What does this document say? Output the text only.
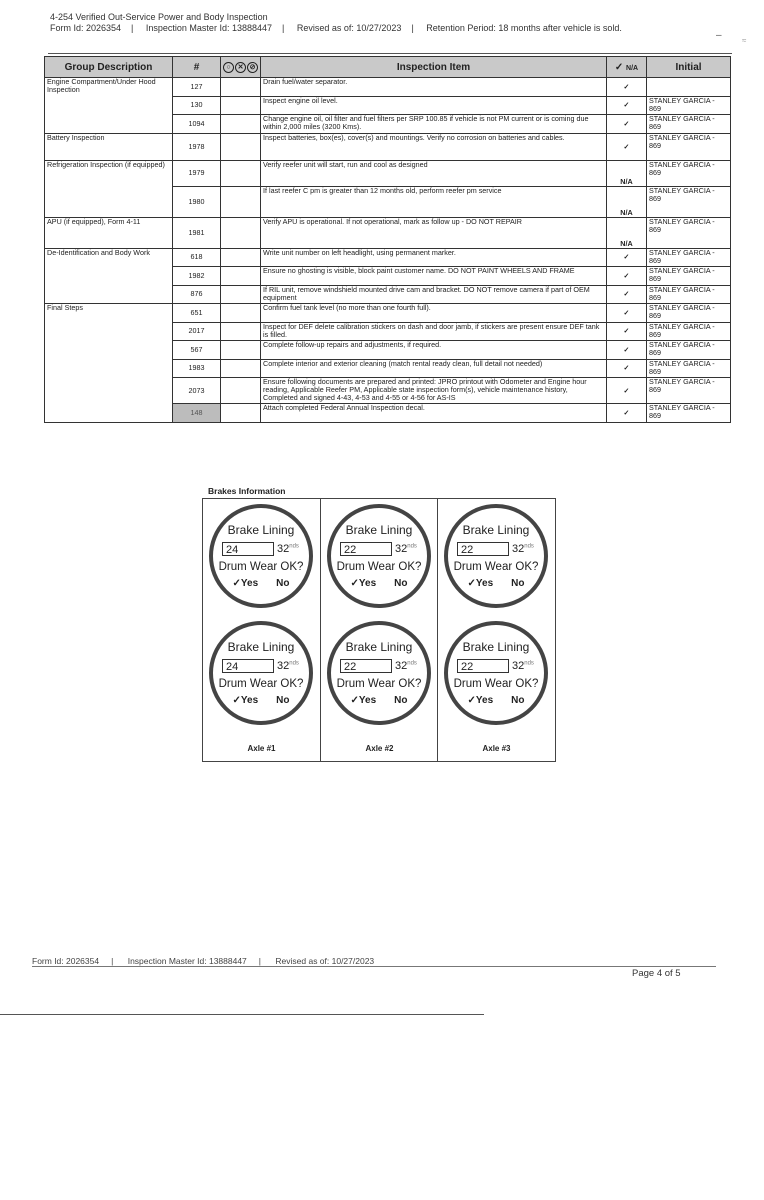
4-254 Verified Out-Service Power and Body Inspection
Form Id: 2026354 | Inspection Master Id: 13888447 | Revised as of: 10/27/2023 | Retention Period: 18 months after vehicle is sold.
–	≈
Group Description	#	○ ✕ ⊘	Inspection Item	✓ N/A	Initial
Engine Compartment/Under Hood Inspection	127		Drain fuel/water separator.	✓	
	130		Inspect engine oil level.	✓	STANLEY GARCIA - 869
	1094		Change engine oil, oil filter and fuel filters per SRP 100.85 if vehicle is not PM current or is coming due within 2,000 miles (3200 Kms).	✓	STANLEY GARCIA - 869
Battery Inspection	1978		Inspect batteries, box(es), cover(s) and mountings. Verify no corrosion on batteries and cables.	✓	STANLEY GARCIA - 869
Refrigeration Inspection (if equipped)	1979		Verify reefer unit will start, run and cool as designed	N/A	STANLEY GARCIA - 869
	1980		If last reefer C pm is greater than 12 months old, perform reefer pm service	N/A	STANLEY GARCIA - 869
APU (if equipped), Form 4-11	1981		Verify APU is operational. If not operational, mark as follow up - DO NOT REPAIR	N/A	STANLEY GARCIA - 869
De-Identification and Body Work	618		Write unit number on left headlight, using permanent marker.	✓	STANLEY GARCIA - 869
	1982		Ensure no ghosting is visible, block paint customer name. DO NOT PAINT WHEELS AND FRAME	✓	STANLEY GARCIA - 869
	876		If RIL unit, remove windshield mounted drive cam and bracket. DO NOT remove camera if part of OEM equipment	✓	STANLEY GARCIA - 869
Final Steps	651		Confirm fuel tank level (no more than one fourth full).	✓	STANLEY GARCIA - 869
	2017		Inspect for DEF delete calibration stickers on dash and door jamb, if stickers are present ensure DEF tank is filled.	✓	STANLEY GARCIA - 869
	567		Complete follow-up repairs and adjustments, if required.	✓	STANLEY GARCIA - 869
	1983		Complete interior and exterior cleaning (match rental ready clean, full detail not needed)	✓	STANLEY GARCIA - 869
	2073		Ensure following documents are prepared and printed: JPRO printout with Odometer and Engine hour reading, Applicable Reefer PM, Applicable state inspection form(s), vehicle maintenance history, Completed and signed 4-43, 4-53 and 4-55 or 4-56 for AS-IS	✓	STANLEY GARCIA - 869
	148		Attach completed Federal Annual Inspection decal.	✓	STANLEY GARCIA - 869
Brakes Information
Brake Lining
24	$32^{nds}$
Drum Wear OK?
✓Yes No
Brake Lining
24	$32^{nds}$
Drum Wear OK?
✓Yes No
Axle #1
Brake Lining
22	$32^{nds}$
Drum Wear OK?
✓Yes No
Brake Lining
22	$32^{nds}$
Drum Wear OK?
✓Yes No
Axle #2
Brake Lining
22	$32^{nds}$
Drum Wear OK?
✓Yes No
Brake Lining
22	$32^{nds}$
Drum Wear OK?
✓Yes No
Axle #3
Form Id: 2026354 | Inspection Master Id: 13888447 | Revised as of: 10/27/2023
Page 4 of 5
